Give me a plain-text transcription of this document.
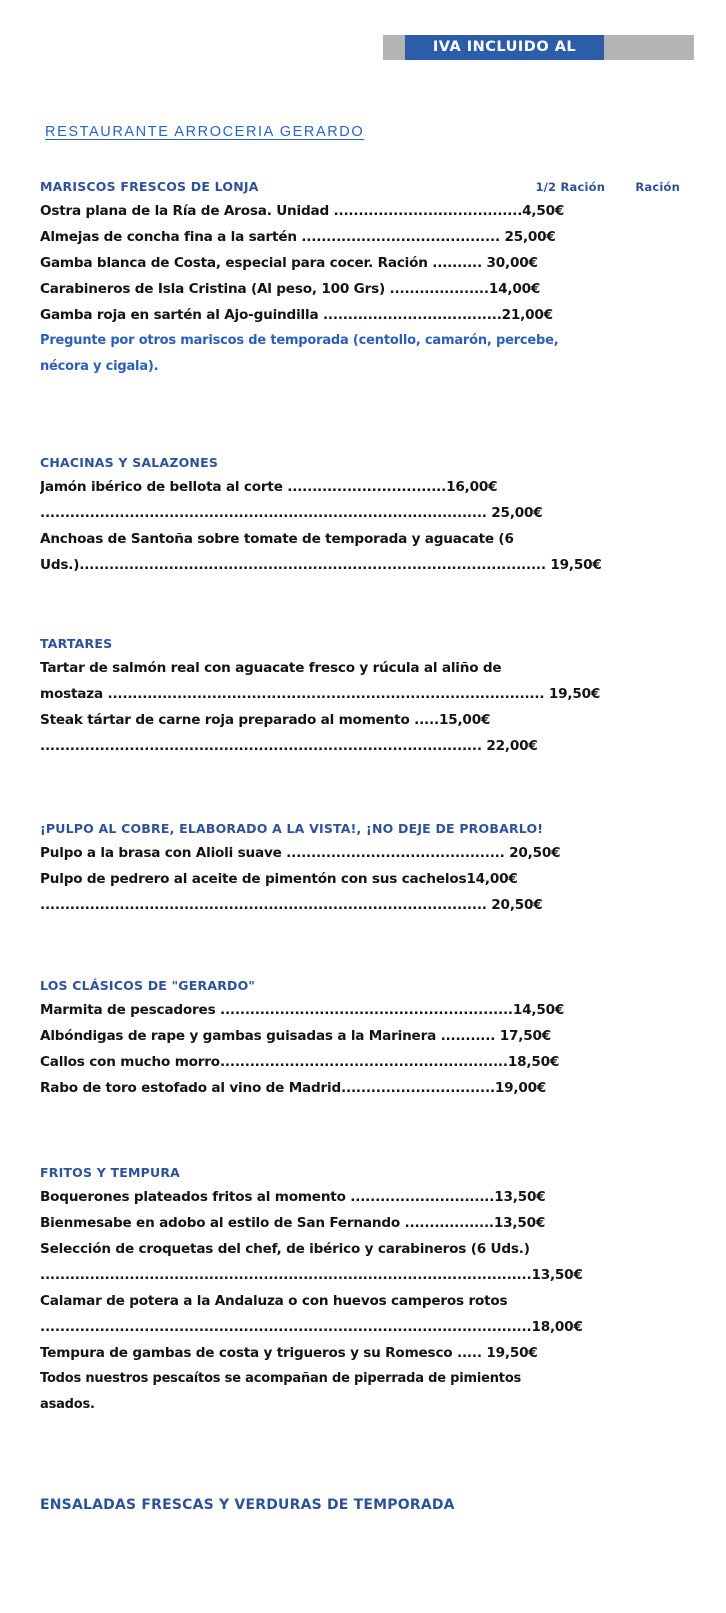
IVA INCLUIDO AL
RESTAURANTE ARROCERIA GERARDO
MARISCOS FRESCOS DE LONJA	1/2 Ración	Ración
Ostra plana de la Ría de Arosa. Unidad ......................................4,50€
Almejas de concha fina a la sartén ........................................ 25,00€
Gamba blanca de Costa, especial para cocer. Ración .......... 30,00€
Carabineros de Isla Cristina (Al peso, 100 Grs) ....................14,00€
Gamba roja en sartén al Ajo-guindilla ....................................21,00€
Pregunte por otros mariscos de temporada (centollo, camarón, percebe,
nécora y cigala).
CHACINAS Y SALAZONES
Jamón ibérico de bellota al corte ................................16,00€
.......................................................................................... 25,00€
Anchoas de Santoña sobre tomate de temporada y aguacate (6
Uds.).............................................................................................. 19,50€
TARTARES
Tartar de salmón real con aguacate fresco y rúcula al aliño de
mostaza ........................................................................................ 19,50€
Steak tártar de carne roja preparado al momento .....15,00€
......................................................................................... 22,00€
¡PULPO AL COBRE, ELABORADO A LA VISTA!, ¡NO DEJE DE PROBARLO!
Pulpo a la brasa con Alioli suave ............................................ 20,50€
Pulpo de pedrero al aceite de pimentón con sus cachelos14,00€
.......................................................................................... 20,50€
LOS CLÁSICOS DE "GERARDO"
Marmita de pescadores ...........................................................14,50€
Albóndigas de rape y gambas guisadas a la Marinera ........... 17,50€
Callos con mucho morro..........................................................18,50€
Rabo de toro estofado al vino de Madrid...............................19,00€
FRITOS Y TEMPURA
Boquerones plateados fritos al momento .............................13,50€
Bienmesabe en adobo al estilo de San Fernando ..................13,50€
Selección de croquetas del chef, de ibérico y carabineros (6 Uds.)
...................................................................................................13,50€
Calamar de potera a la Andaluza o con huevos camperos rotos
...................................................................................................18,00€
Tempura de gambas de costa y trigueros y su Romesco ..... 19,50€
Todos nuestros pescaítos se acompañan de piperrada de pimientos
asados.
ENSALADAS FRESCAS Y VERDURAS DE TEMPORADA
